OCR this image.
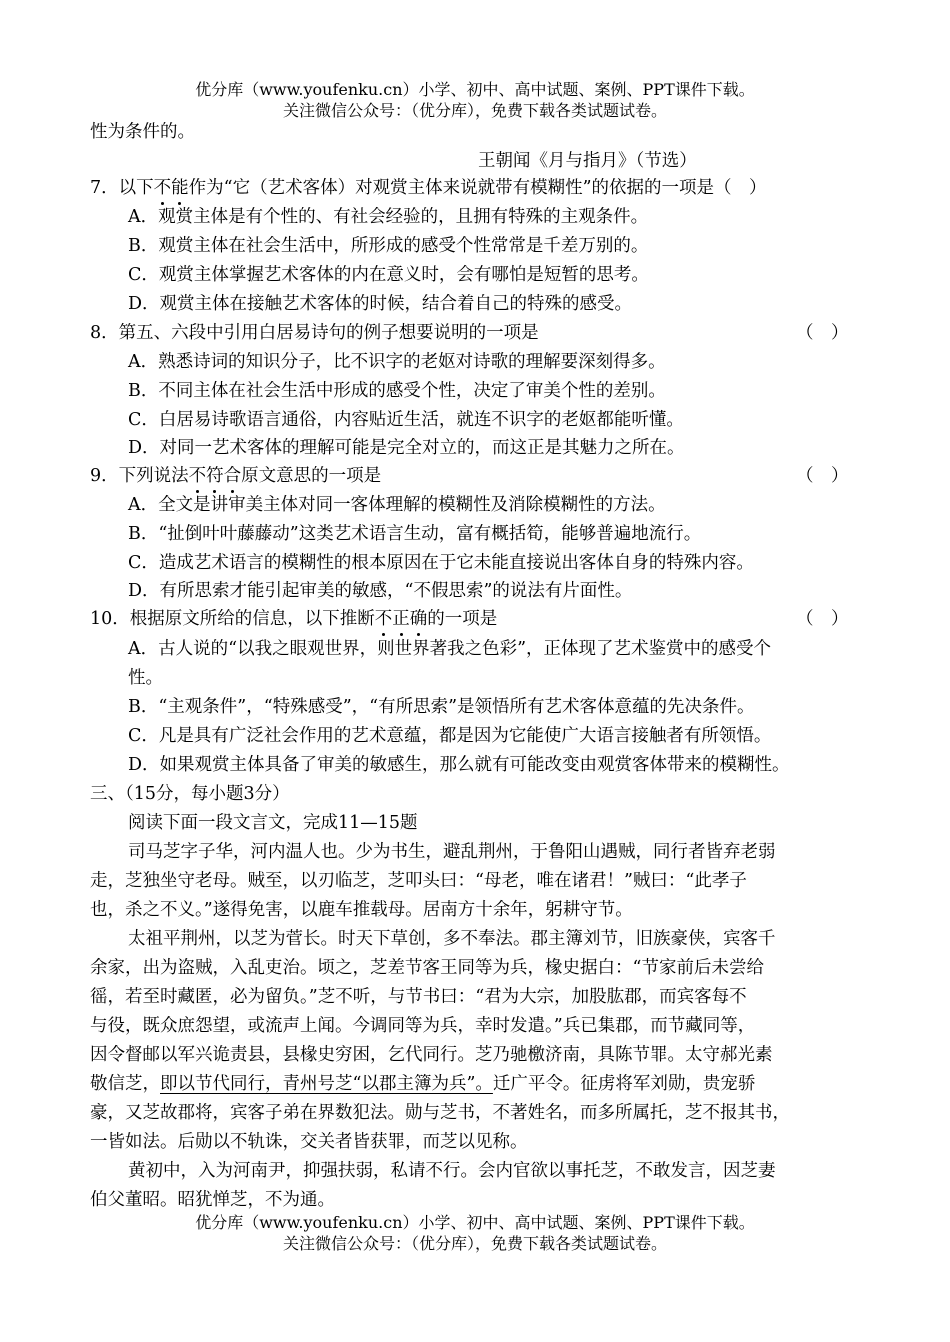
优分库（www.youfenku.cn）小学、初中、高中试题、案例、PPT课件下载。
关注微信公众号：（优分库），免费下载各类试题试卷。
性为条件的。
王朝闻《月与指月》（节选）
7．以下不能作为“它（艺术客体）对观赏主体来说就带有模糊性”的依据的一项是（　）
A．观赏主体是有个性的、有社会经验的，且拥有特殊的主观条件。
B．观赏主体在社会生活中，所形成的感受个性常常是千差万别的。
C．观赏主体掌握艺术客体的内在意义时，会有哪怕是短暂的思考。
D．观赏主体在接触艺术客体的时候，结合着自己的特殊的感受。
8．第五、六段中引用白居易诗句的例子想要说明的一项是	（　）
A．熟悉诗词的知识分子，比不识字的老妪对诗歌的理解要深刻得多。
B．不同主体在社会生活中形成的感受个性，决定了审美个性的差别。
C．白居易诗歌语言通俗，内容贴近生活，就连不识字的老妪都能听懂。
D．对同一艺术客体的理解可能是完全对立的，而这正是其魅力之所在。
9．下列说法不符合原文意思的一项是	（　）
A．全文是讲审美主体对同一客体理解的模糊性及消除模糊性的方法。
B．“扯倒叶叶藤藤动”这类艺术语言生动，富有概括筍，能够普遍地流行。
C．造成艺术语言的模糊性的根本原因在于它未能直接说出客体自身的特殊内容。
D．有所思索才能引起审美的敏感，“不假思索”的说法有片面性。
10．根据原文所给的信息，以下推断不正确的一项是	（　）
A．古人说的“以我之眼观世界，则世界著我之色彩”，正体现了艺术鉴赏中的感受个
性。
B．“主观条件”，“特殊感受”，“有所思索”是领悟所有艺术客体意蕴的先决条件。
C．凡是具有广泛社会作用的艺术意蕴，都是因为它能使广大语言接触者有所领悟。
D．如果观赏主体具备了审美的敏感生，那么就有可能改变由观赏客体带来的模糊性。
三、（15分，每小题3分）
阅读下面一段文言文，完成11—15题
司马芝字子华，河内温人也。少为书生，避乱荆州，于鲁阳山遇贼，同行者皆弃老弱
走，芝独坐守老母。贼至，以刃临芝，芝叩头曰：“母老，唯在诸君！”贼曰：“此孝子
也，杀之不义。”遂得免害，以鹿车推载母。居南方十余年，躬耕守节。
太祖平荆州，以芝为菅长。时天下草创，多不奉法。郡主簿刘节，旧族豪侠，宾客千
余家，出为盗贼，入乱吏治。顷之，芝差节客王同等为兵，椽史据白：“节家前后未尝给
徭，若至时藏匿，必为留负。”芝不听，与节书曰：“君为大宗，加股肱郡，而宾客每不
与役，既众庶怨望，或流声上闻。今调同等为兵，幸时发遣。”兵已集郡，而节藏同等，
因令督邮以军兴诡责县，县椽史穷困，乞代同行。芝乃驰檄济南，具陈节罪。太守郝光素
敬信芝，即以节代同行，青州号芝“以郡主簿为兵”。迁广平令。征虏将军刘勋，贵宠骄
豪，又芝故郡将，宾客子弟在界数犯法。勋与芝书，不著姓名，而多所属托，芝不报其书，
一皆如法。后勋以不轨诛，交关者皆获罪，而芝以见称。
黄初中，入为河南尹，抑强扶弱，私请不行。会内官欲以事托芝，不敢发言，因芝妻
伯父董昭。昭犹惮芝，不为通。
优分库（www.youfenku.cn）小学、初中、高中试题、案例、PPT课件下载。
关注微信公众号：（优分库），免费下载各类试题试卷。
